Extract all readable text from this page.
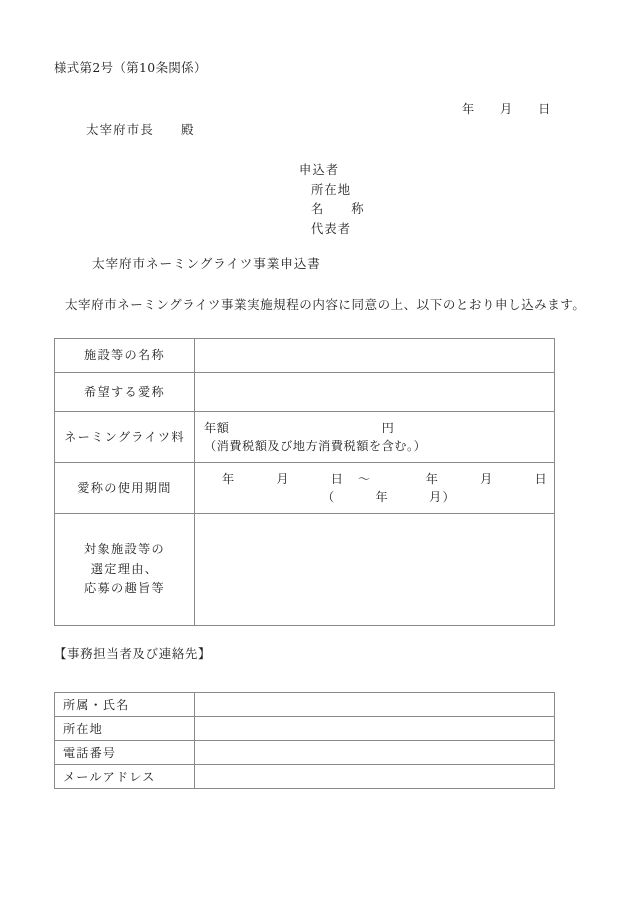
様式第2号（第10条関係）
年　　月　　日
太宰府市長　　殿
申込者
所在地
名　　称
代表者
太宰府市ネーミングライツ事業申込書
太宰府市ネーミングライツ事業実施規程の内容に同意の上、以下のとおり申し込みます。
施設等の名称	
希望する愛称	
ネーミングライツ料	年額　　　　　　　　　　　　円
（消費税額及び地方消費税額を含む。）

愛称の使用期間	年　　　月　　　日　〜　　　　年　　　月　　　日
（　　　年　　　月）

対象施設等の
選定理由、
応募の趣旨等	
【事務担当者及び連絡先】
所属・氏名	
所在地	
電話番号	
メールアドレス	
